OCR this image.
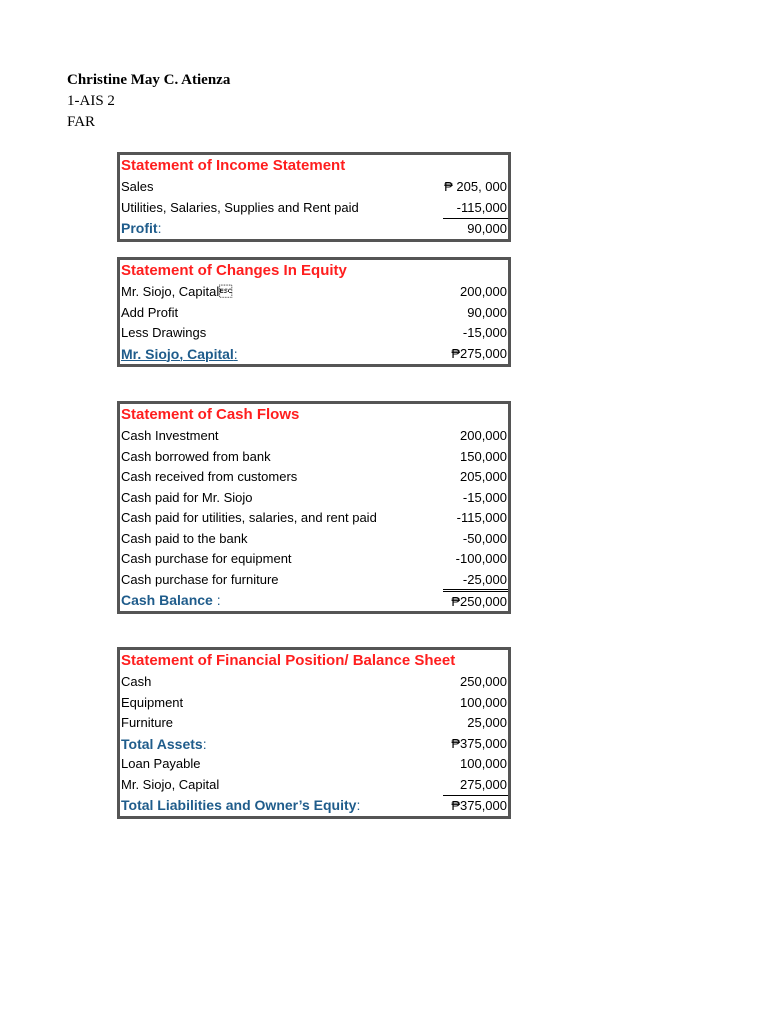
Christine May C. Atienza
1-AIS 2
FAR
Statement of Income Statement
Sales	₱ 205, 000
Utilities, Salaries, Supplies and Rent paid	-115,000
Profit:	90,000
Statement of Changes In Equity
Mr. Siojo, Capital	200,000
Add Profit	90,000
Less Drawings	-15,000
Mr. Siojo, Capital:	₱275,000
Statement of Cash Flows
Cash Investment	200,000
Cash borrowed from bank	150,000
Cash received from customers	205,000
Cash paid for Mr. Siojo	-15,000
Cash paid for utilities, salaries, and rent paid	-115,000
Cash paid to the bank	-50,000
Cash purchase for equipment	-100,000
Cash purchase for furniture	-25,000
Cash Balance :	₱250,000
Statement of Financial Position/ Balance Sheet
Cash	250,000
Equipment	100,000
Furniture	25,000
Total Assets:	₱375,000
Loan Payable	100,000
Mr. Siojo, Capital	275,000
Total Liabilities and Owner’s Equity:	₱375,000
